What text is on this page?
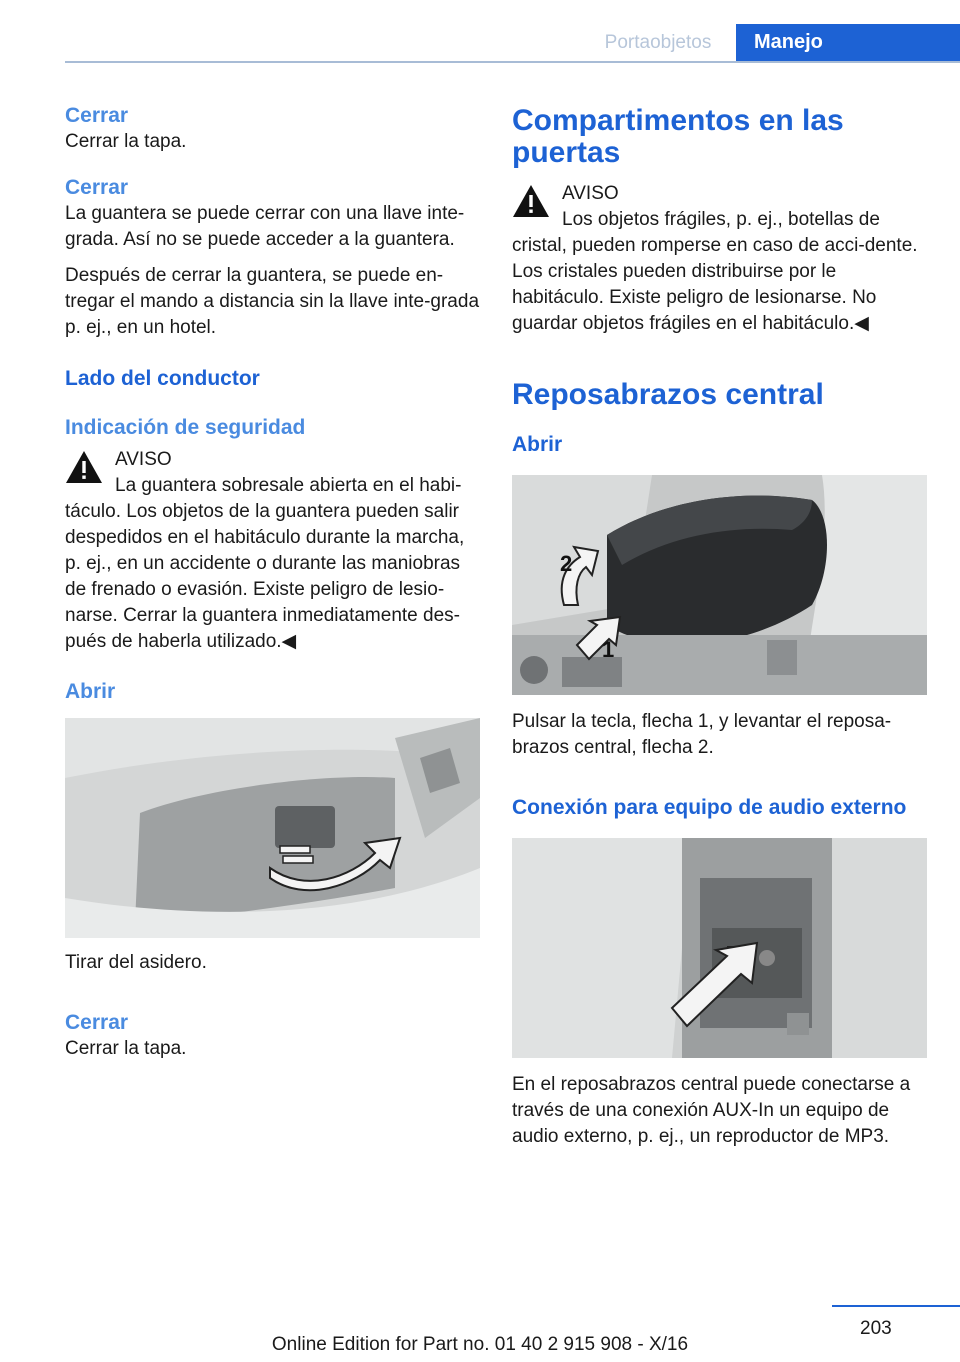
Portaobjetos	Manejo
Cerrar

Cerrar la tapa.

Cerrar

La guantera se puede cerrar con una llave inte‐grada. Así no se puede acceder a la guantera.

Después de cerrar la guantera, se puede en‐tregar el mando a distancia sin la llave inte‐grada p. ej., en un hotel.

Lado del conductor
Indicación de seguridad
AVISO
La guantera sobresale abierta en el habi‐
táculo. Los objetos de la guantera pueden salir despedidos en el habitáculo durante la marcha, p. ej., en un accidente o durante las maniobras de frenado o evasión. Existe peligro de lesio‐narse. Cerrar la guantera inmediatamente des‐pués de haberla utilizado.◀
Abrir

Tirar del asidero.

Cerrar

Cerrar la tapa.

Compartimentos en las puertas
AVISO
Los objetos frágiles, p. ej., botellas de
cristal, pueden romperse en caso de acci‐dente. Los cristales pueden distribuirse por le habitáculo. Existe peligro de lesionarse. No guardar objetos frágiles en el habitáculo.◀
Reposabrazos central
Abrir
2
1

Pulsar la tecla, flecha 1, y levantar el reposa‐brazos central, flecha 2.

Conexión para equipo de audio externo

En el reposabrazos central puede conectarse a través de una conexión AUX-In un equipo de audio externo, p. ej., un reproductor de MP3.

203
Online Edition for Part no. 01 40 2 915 908 - X/16
